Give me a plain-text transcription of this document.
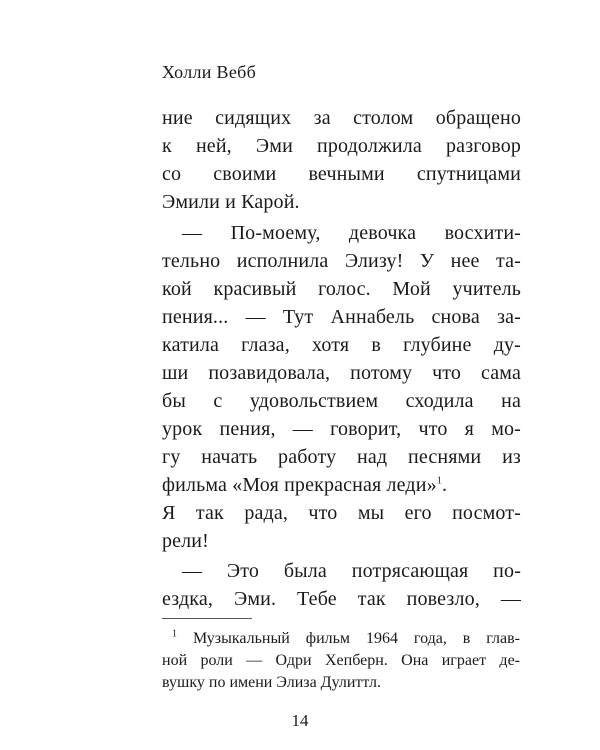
Холли Вебб
ние сидящих за столом обращено
к ней, Эми продолжила разговор
со своими вечными спутницами
Эмили и Карой.
— По-моему, девочка восхити-
тельно исполнила Элизу! У нее та-
кой красивый голос. Мой учитель
пения... — Тут Аннабель снова за-
катила глаза, хотя в глубине ду-
ши позавидовала, потому что сама
бы с удовольствием сходила на
урок пения, — говорит, что я мо-
гу начать работу над песнями из
фильма «Моя прекрасная леди»$^1$.
Я так рада, что мы его посмот-
рели!
— Это была потрясающая по-
ездка, Эми. Тебе так повезло, —
$^1$ Музыкальный фильм 1964 года, в глав-
ной роли — Одри Хепберн. Она играет де-
вушку по имени Элиза Дулиттл.
14
